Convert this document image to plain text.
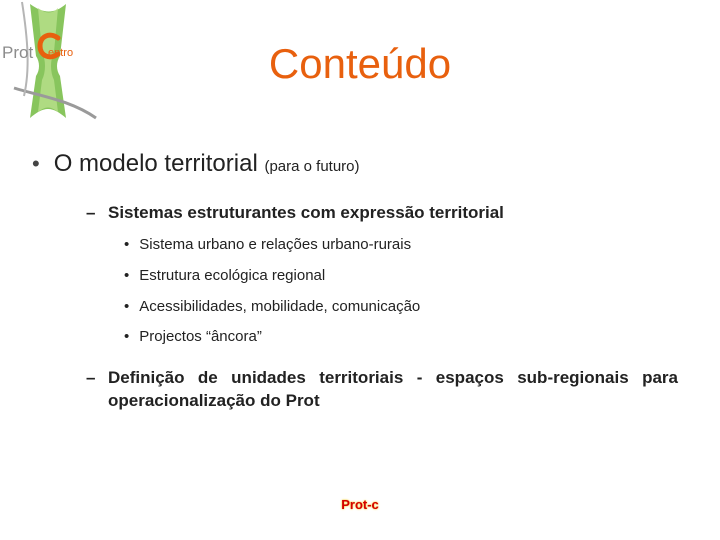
Prot entro	Conteúdo
• O modelo territorial (para o futuro)
– Sistemas estruturantes com expressão territorial
• Sistema urbano e relações urbano-rurais
• Estrutura ecológica regional
• Acessibilidades, mobilidade, comunicação
• Projectos “âncora”
– Definição de unidades territoriais - espaços sub-regionais para operacionalização do Prot
Prot-c
